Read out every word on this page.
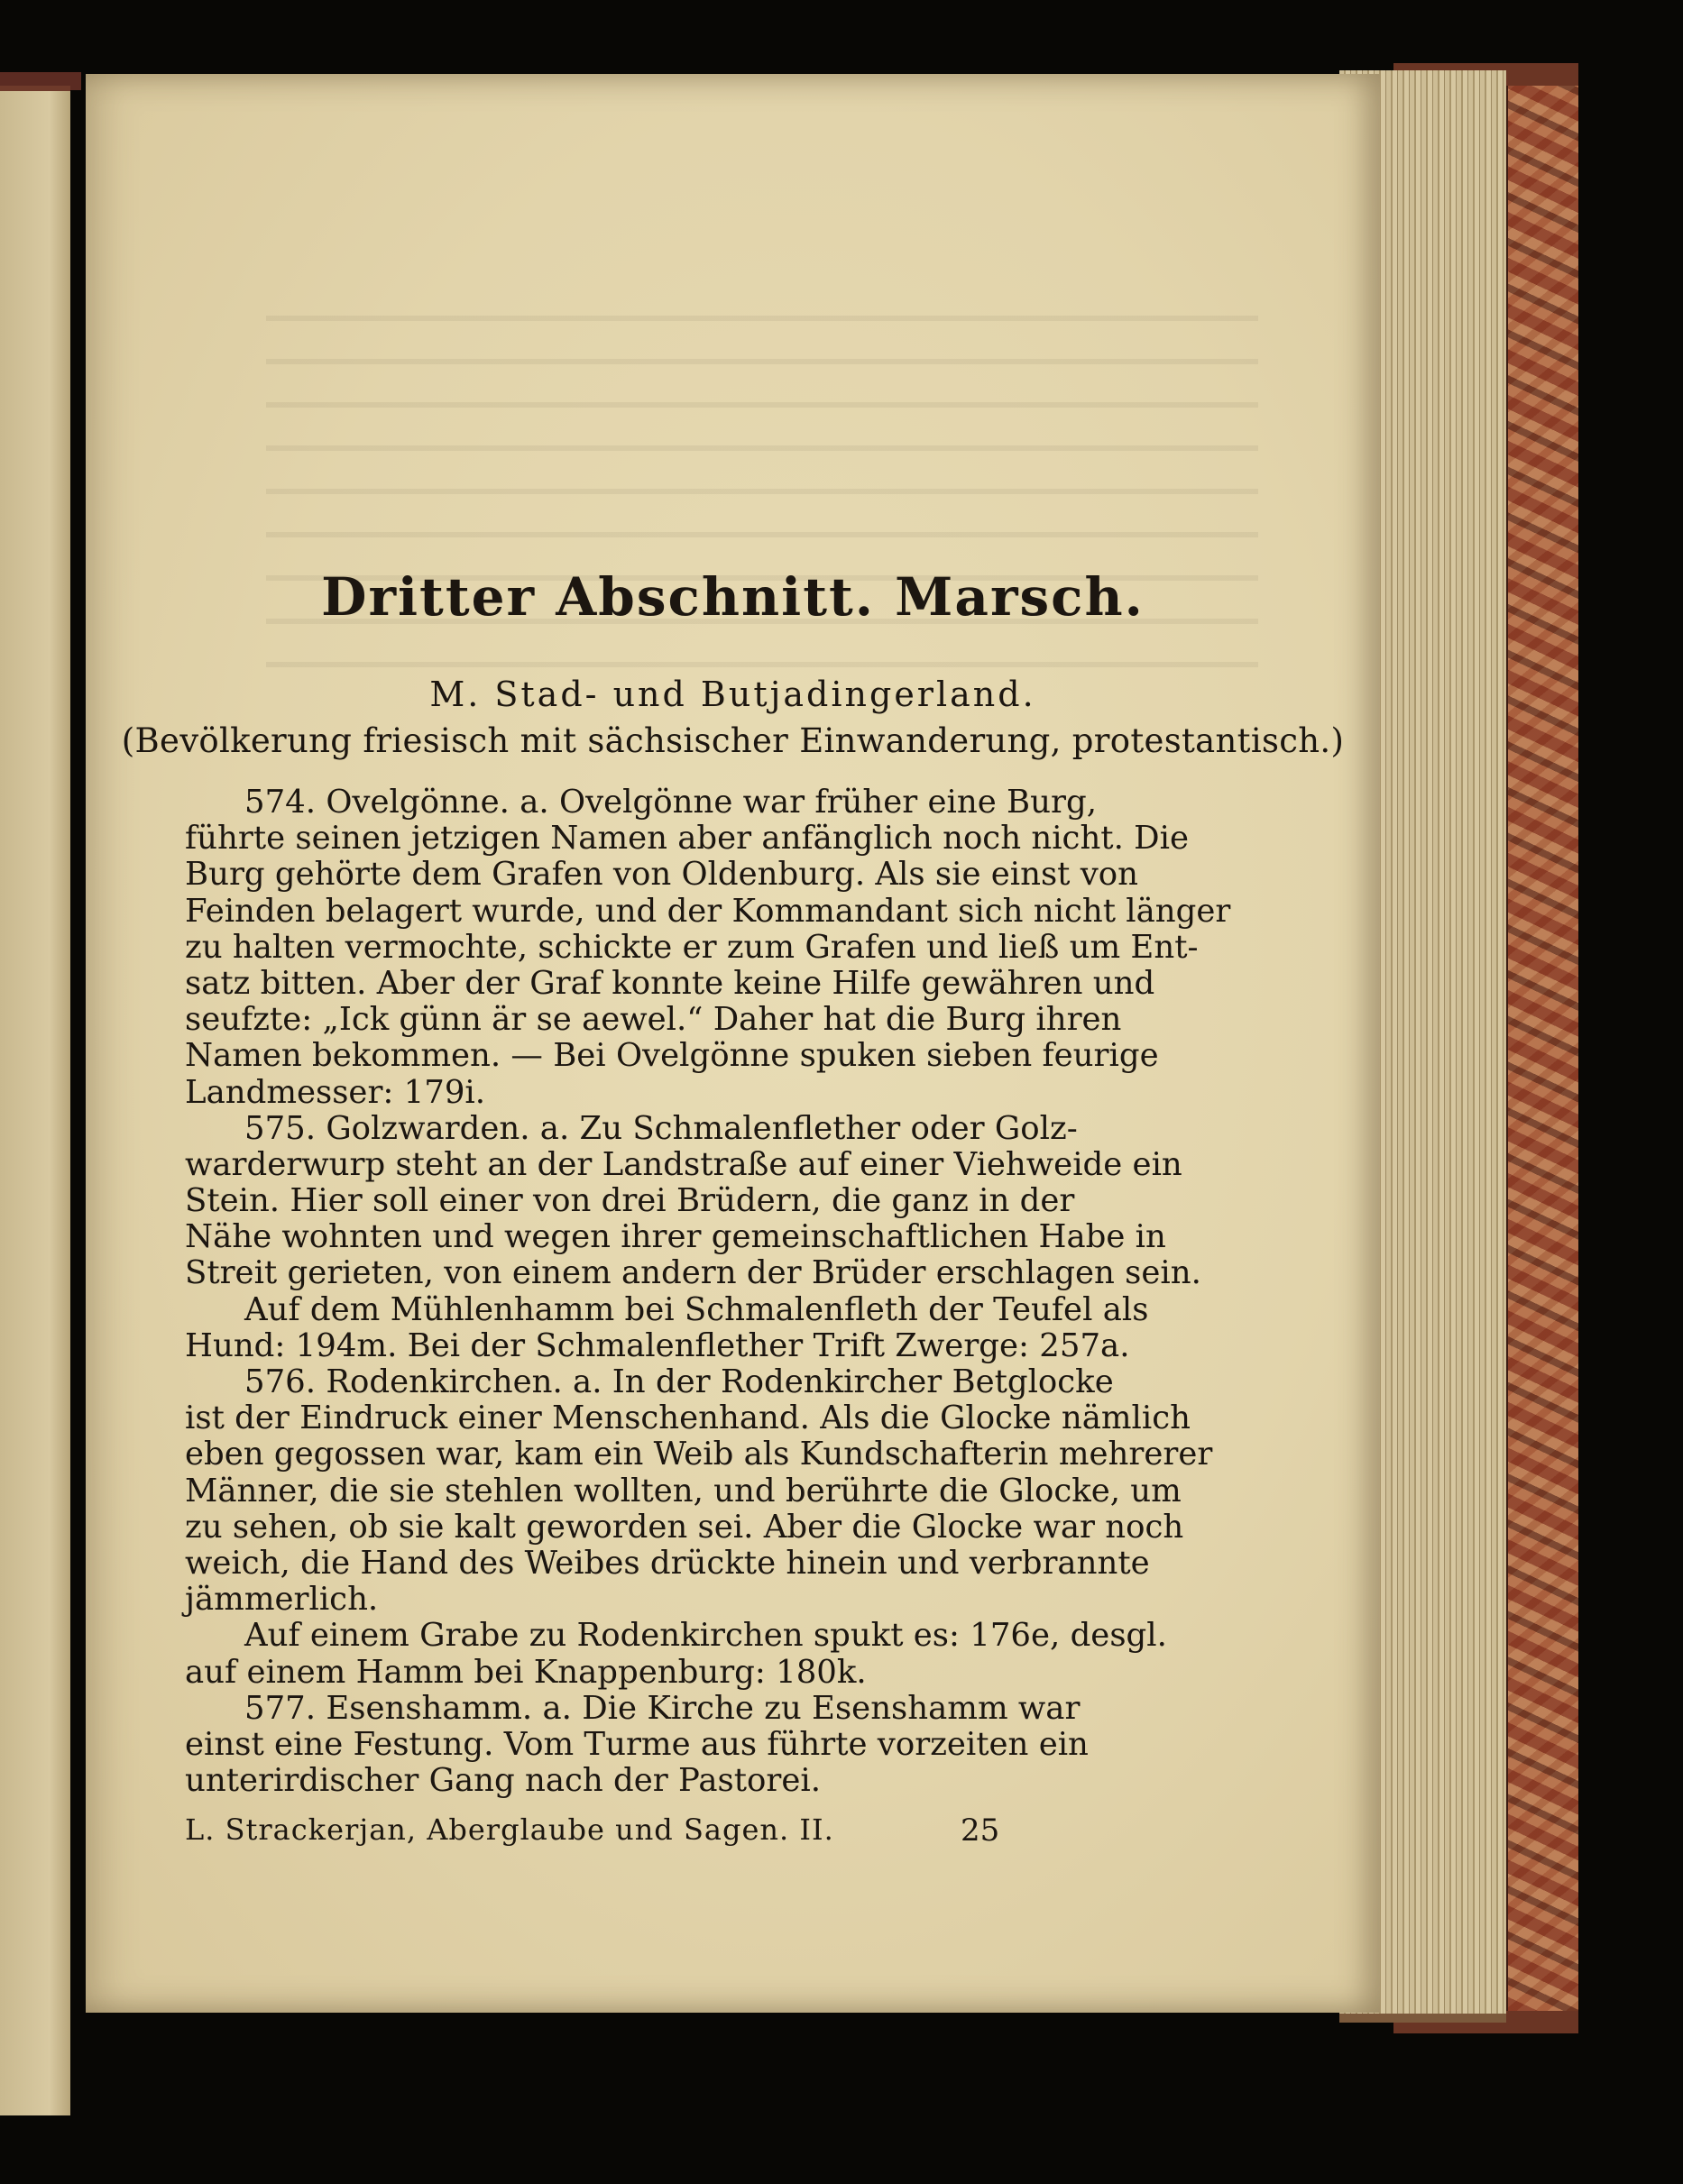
Dritter Abschnitt. Marsch.
M. Stad- und Butjadingerland.
(Bevölkerung friesisch mit sächsischer Einwanderung, protestantisch.)
574. Ovelgönne. a. Ovelgönne war früher eine Burg,
führte seinen jetzigen Namen aber anfänglich noch nicht. Die
Burg gehörte dem Grafen von Oldenburg. Als sie einst von
Feinden belagert wurde, und der Kommandant sich nicht länger
zu halten vermochte, schickte er zum Grafen und ließ um Ent-
satz bitten. Aber der Graf konnte keine Hilfe gewähren und
seufzte: „Ick günn är se aewel.“ Daher hat die Burg ihren
Namen bekommen. — Bei Ovelgönne spuken sieben feurige
Landmesser: 179i.
575. Golzwarden. a. Zu Schmalenflether oder Golz-
warderwurp steht an der Landstraße auf einer Viehweide ein
Stein. Hier soll einer von drei Brüdern, die ganz in der
Nähe wohnten und wegen ihrer gemeinschaftlichen Habe in
Streit gerieten, von einem andern der Brüder erschlagen sein.
Auf dem Mühlenhamm bei Schmalenfleth der Teufel als
Hund: 194m. Bei der Schmalenflether Trift Zwerge: 257a.
576. Rodenkirchen. a. In der Rodenkircher Betglocke
ist der Eindruck einer Menschenhand. Als die Glocke nämlich
eben gegossen war, kam ein Weib als Kundschafterin mehrerer
Männer, die sie stehlen wollten, und berührte die Glocke, um
zu sehen, ob sie kalt geworden sei. Aber die Glocke war noch
weich, die Hand des Weibes drückte hinein und verbrannte
jämmerlich.
Auf einem Grabe zu Rodenkirchen spukt es: 176e, desgl.
auf einem Hamm bei Knappenburg: 180k.
577. Esenshamm. a. Die Kirche zu Esenshamm war
einst eine Festung. Vom Turme aus führte vorzeiten ein
unterirdischer Gang nach der Pastorei.
L. Strackerjan, Aberglaube und Sagen. II.	25
